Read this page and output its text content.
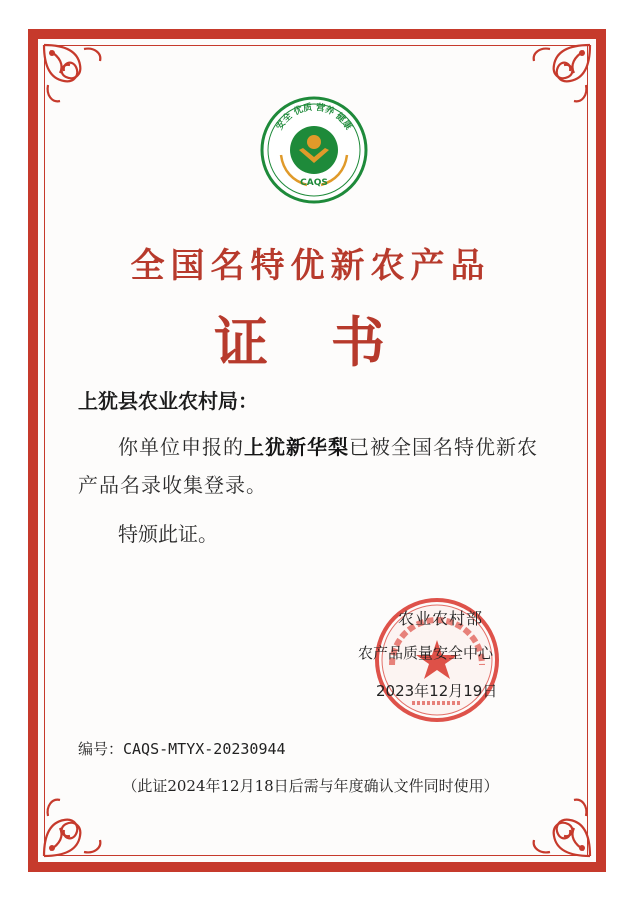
安全 优质 营养 健康
CAQS
全国名特优新农产品
证 书
上犹县农业农村局：
你单位申报的上犹新华梨已被全国名特优新农产品名录收集登录。
特颁此证。
农业农村部
农产品质量安全中心
2023年12月19日
编号：CAQS-MTYX-20230944
（此证2024年12月18日后需与年度确认文件同时使用）
